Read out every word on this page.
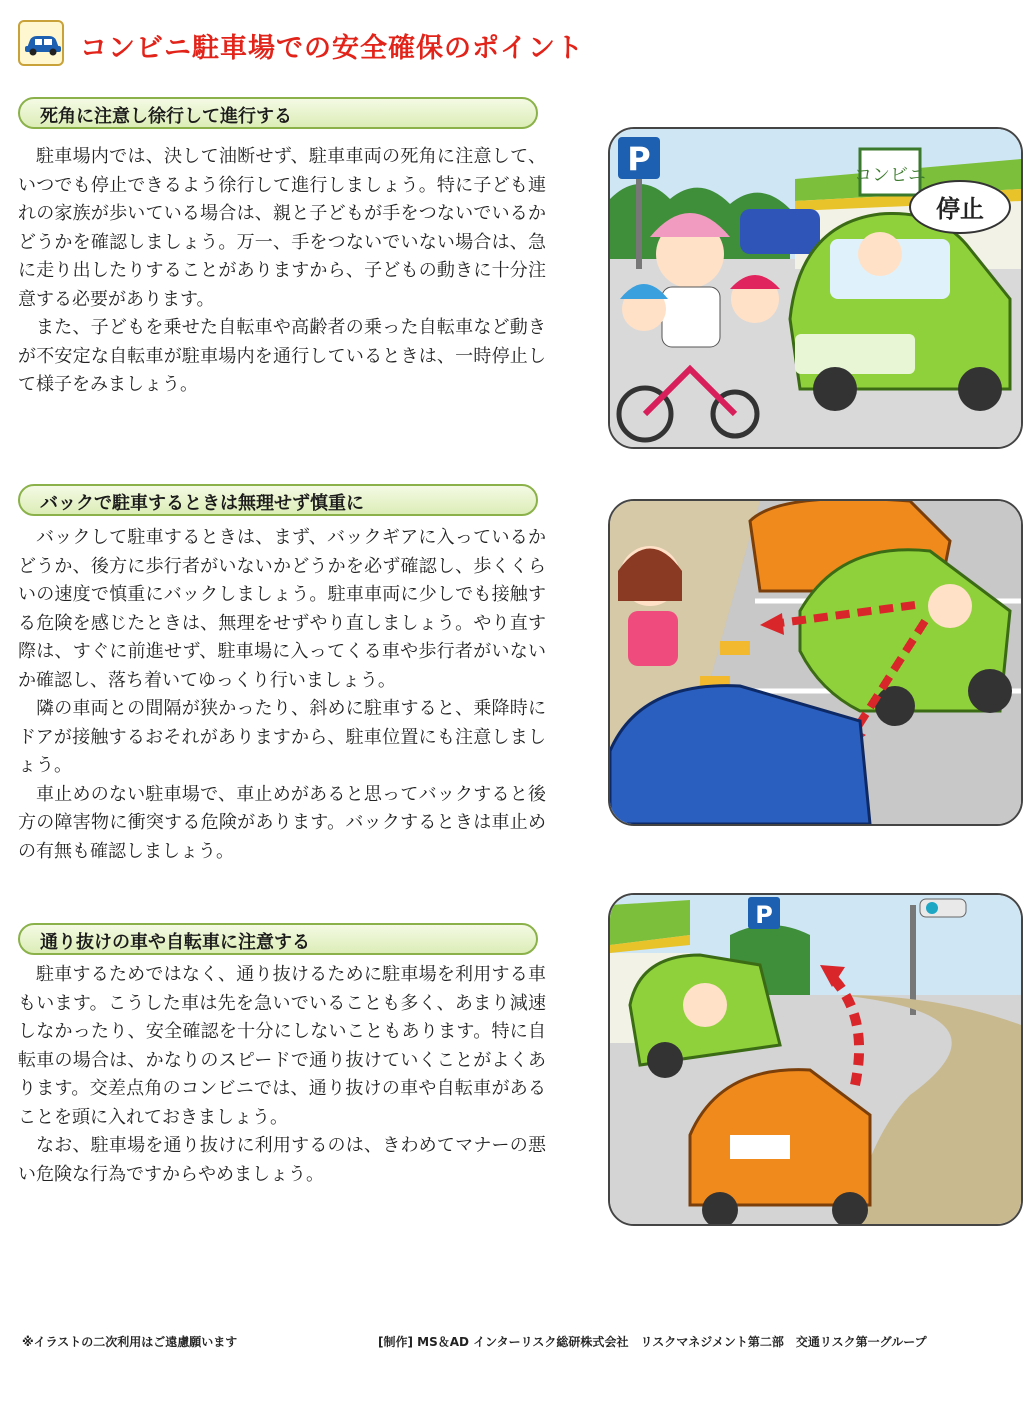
コンビニ駐車場での安全確保のポイント
死角に注意し徐行して進行する

駐車場内では、決して油断せず、駐車車両の死角に注意して、いつでも停止できるよう徐行して進行しましょう。特に子ども連れの家族が歩いている場合は、親と子どもが手をつないでいるかどうかを確認しましょう。万一、手をつないでいない場合は、急に走り出したりすることがありますから、子どもの動きに十分注意する必要があります。

また、子どもを乗せた自転車や高齢者の乗った自転車など動きが不安定な自転車が駐車場内を通行しているときは、一時停止して様子をみましょう。

バックで駐車するときは無理せず慎重に

バックして駐車するときは、まず、バックギアに入っているかどうか、後方に歩行者がいないかどうかを必ず確認し、歩くくらいの速度で慎重にバックしましょう。駐車車両に少しでも接触する危険を感じたときは、無理をせずやり直しましょう。やり直す際は、すぐに前進せず、駐車場に入ってくる車や歩行者がいないか確認し、落ち着いてゆっくり行いましょう。

隣の車両との間隔が狭かったり、斜めに駐車すると、乗降時にドアが接触するおそれがありますから、駐車位置にも注意しましょう。

車止めのない駐車場で、車止めがあると思ってバックすると後方の障害物に衝突する危険があります。バックするときは車止めの有無も確認しましょう。

通り抜けの車や自転車に注意する

駐車するためではなく、通り抜けるために駐車場を利用する車もいます。こうした車は先を急いでいることも多く、あまり減速しなかったり、安全確認を十分にしないこともあります。特に自転車の場合は、かなりのスピードで通り抜けていくことがよくあります。交差点角のコンビニでは、通り抜けの車や自転車があることを頭に入れておきましょう。

なお、駐車場を通り抜けに利用するのは、きわめてマナーの悪い危険な行為ですからやめましょう。

コンビニ
P
停止
P
※イラストの二次利用はご遠慮願います	[制作] MS＆AD インターリスク総研株式会社　リスクマネジメント第二部　交通リスク第一グループ
